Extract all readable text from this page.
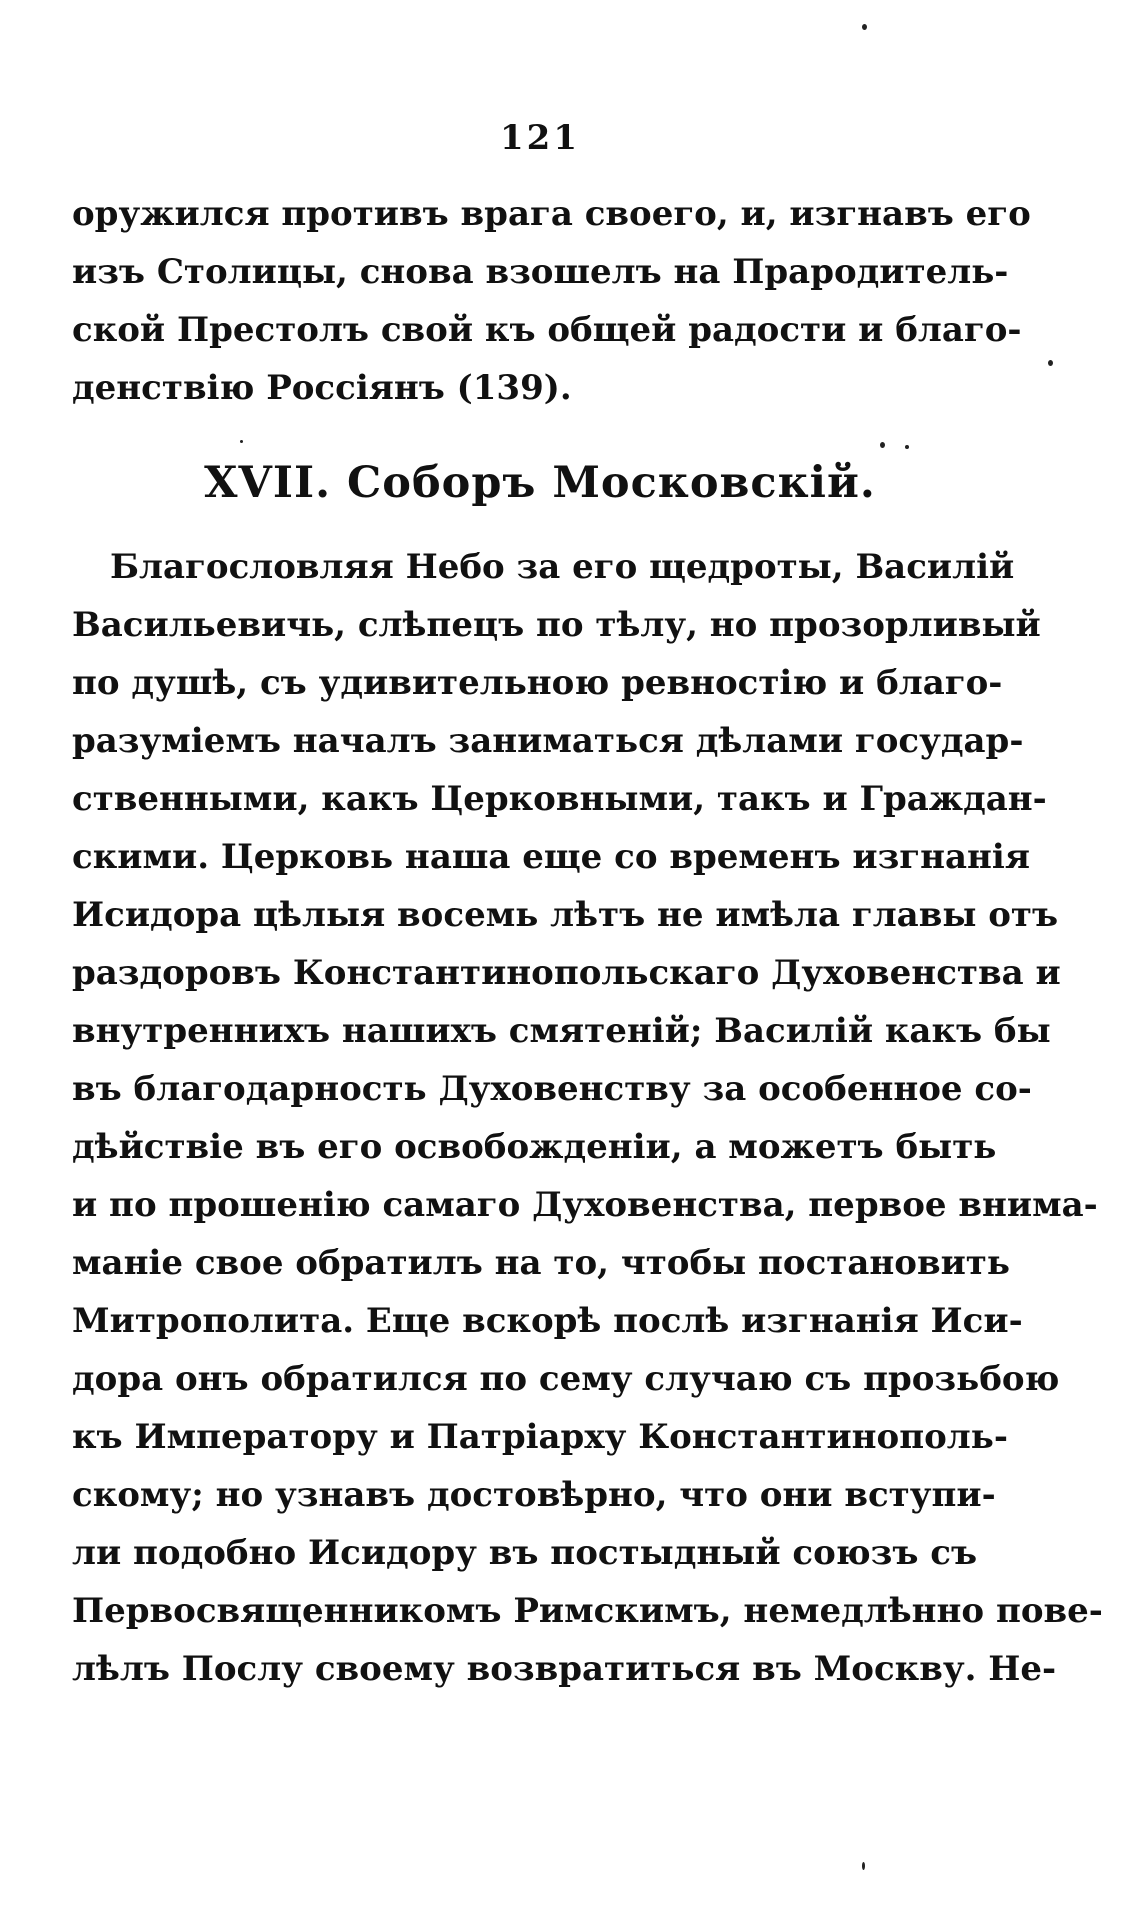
121
оружился противъ врага своего, и, изгнавъ его
изъ Столицы, снова взошелъ на Прародитель-
ской Престолъ свой къ общей радости и благо-
денствію Россіянъ (139).
XVII. Соборъ Московскій.
Благословляя Небо за его щедроты, Василій
Васильевичь, слѣпецъ по тѣлу, но прозорливый
по душѣ, съ удивительною ревностію и благо-
разуміемъ началъ заниматься дѣлами государ-
ственными, какъ Церковными, такъ и Граждан-
скими. Церковь наша еще со временъ изгнанія
Исидора цѣлыя восемь лѣтъ не имѣла главы отъ
раздоровъ Константинопольскаго Духовенства и
внутреннихъ нашихъ смятеній; Василій какъ бы
въ благодарность Духовенству за особенное со-
дѣйствіе въ его освобожденіи, а можетъ быть
и по прошенію самаго Духовенства, первое внима-
маніе свое обратилъ на то, чтобы постановить
Митрополита. Еще вскорѣ послѣ изгнанія Иси-
дора онъ обратился по сему случаю съ прозьбою
къ Императору и Патріарху Константинополь-
скому; но узнавъ достовѣрно, что они вступи-
ли подобно Исидору въ постыдный союзъ съ
Первосвященникомъ Римскимъ, немедлѣнно пове-
лѣлъ Послу своему возвратиться въ Москву. Не-
